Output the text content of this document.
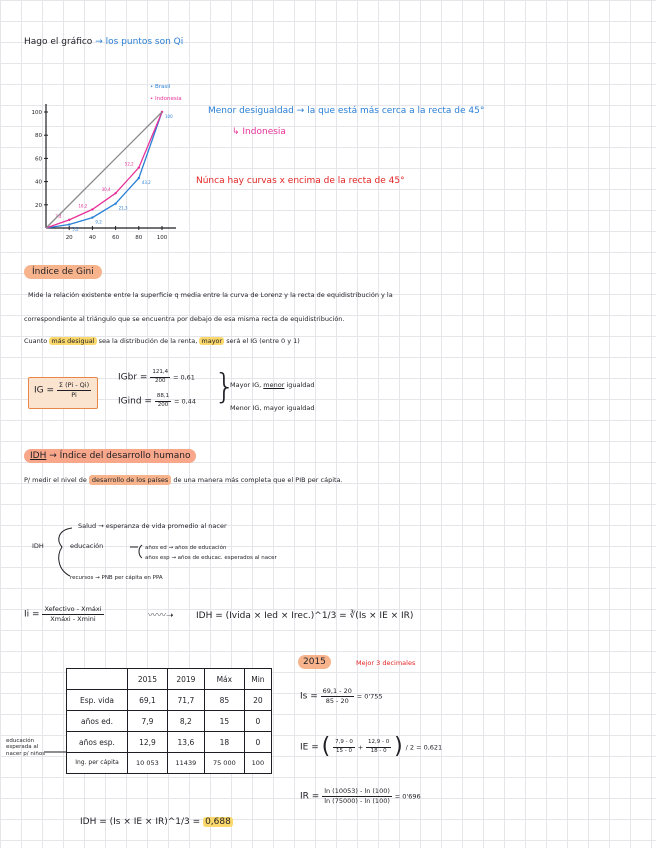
Hago el gráfico → los puntos son Qi
20	40	60	80	100
20
40
60
80
100
3,2
9,2
21,3
43,2
100
7,4
16,2
30,4
52,2
• Brasil
• Indonesia
Menor desigualdad → la que está más cerca a la recta de 45°
↳ Indonesia
Núnca hay curvas x encima de la recta de 45°
Índice de Gini
Mide la relación existente entre la superficie q media entre la curva de Lorenz y la recta de equidistribución y la
correspondiente al triángulo que se encuentra por debajo de esa misma recta de equidistribución.
Cuanto más desigual sea la distribución de la renta, mayor será el IG (entre 0 y 1)
IG = $\frac{\Sigma (Pi - Qi)}{Pi}$
IGbr = $\frac{121,4}{200} = 0,61$
IGind = $\frac{88,1}{200} = 0,44$ }
Mayor IG, menor igualdad
Menor IG, mayor igualdad
IDH → Índice del desarrollo humano
P/ medir el nivel de desarrollo de los países de una manera más completa que el PIB per cápita.
IDH
Salud → esperanza de vida promedio al nacer
educación	años ed → años de educación
años esp → años de educac. esperados al nacer
recursos → PNB per cápita en PPA
$Ii = \frac{\text{Xefectivo - Xmáxi}}{\text{Xmáxi - Xmini}}$	〰〰➝ IDH = (Ivida × Ied × Irec.)^1/3 = ∛(Is × IE × IR)
	2015	2019	Máx	Min
Esp. vida	69,1	71,7	85	20
años ed.	7,9	8,2	15	0
años esp.	12,9	13,6	18	0
Ing. per cápita	10 053	11439	75 000	100
educación esperada al nacer p/ niños
2015	Mejor 3 decimales
$Is = \frac{69,1 - 20}{85 - 20} = 0'755$
IE = ( $\frac{7,9 - 0}{15 - 0} + \frac{12,9 - 0}{18 - 0}$ ) / 2 = 0,621
IR = $\frac{\ln (10053) - \ln (100)}{\ln (75000) - \ln (100)} = 0'696$
IDH = (Is × IE × IR)^1/3 = 0,688
